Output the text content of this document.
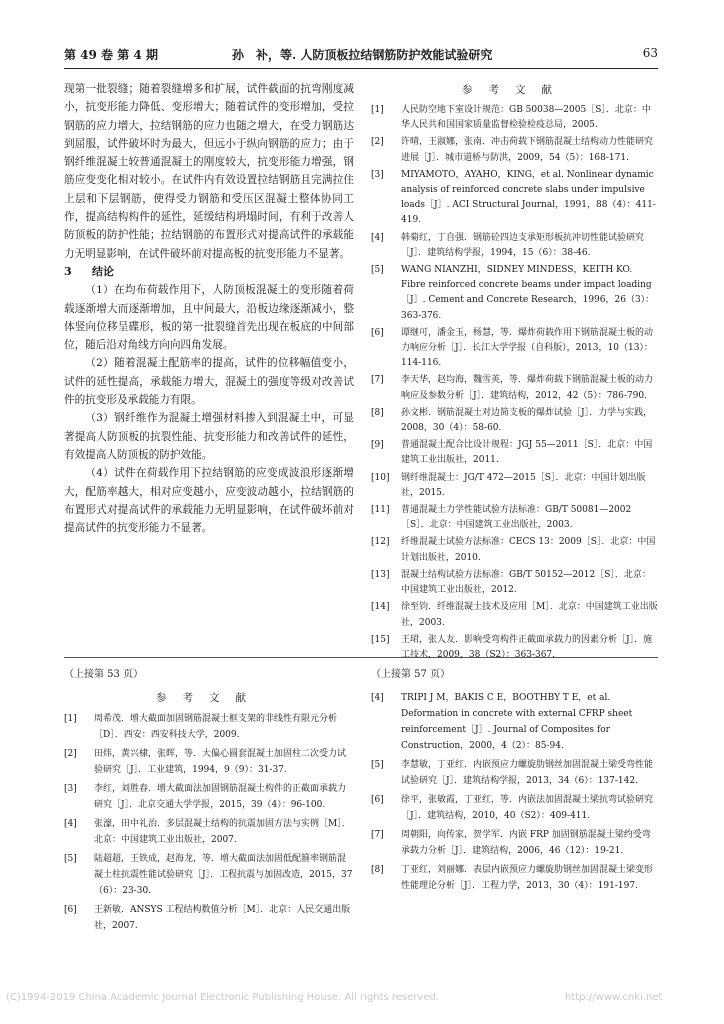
第 49 卷 第 4 期	孙　补，等. 人防顶板拉结钢筋防护效能试验研究	63

现第一批裂缝；随着裂缝增多和扩展，试件截面的抗弯刚度减小，抗变形能力降低、变形增大；随着试件的变形增加，受拉钢筋的应力增大，拉结钢筋的应力也随之增大，在受力钢筋达到屈服，试件破坏时为最大，但远小于纵向钢筋的应力；由于钢纤维混凝土较普通混凝土的刚度较大，抗变形能力增强，钢筋应变变化相对较小。在试件内有效设置拉结钢筋且完满拉住上层和下层钢筋，使得受力钢筋和受压区混凝土整体协同工作，提高结构构件的延性，延缓结构坍塌时间，有利于改善人防顶板的防护性能；拉结钢筋的布置形式对提高试件的承载能力无明显影响，在试件破坏前对提高板的抗变形能力不显著。

3 结论

（1）在均布荷载作用下，人防顶板混凝土的变形随着荷载逐渐增大而逐渐增加，且中间最大，沿板边缘逐渐减小，整体竖向位移呈碟形，板的第一批裂缝首先出现在板底的中间部位，随后沿对角线方向向四角发展。

（2）随着混凝土配筋率的提高，试件的位移幅值变小，试件的延性提高，承载能力增大，混凝土的强度等级对改善试件的抗变形及承载能力有限。

（3）钢纤维作为混凝土增强材料掺入到混凝土中，可显著提高人防顶板的抗裂性能、抗变形能力和改善试件的延性，有效提高人防顶板的防护效能。

（4）试件在荷载作用下拉结钢筋的应变成波浪形逐渐增大，配筋率越大，相对应变越小，应变波动越小，拉结钢筋的布置形式对提高试件的承载能力无明显影响，在试件破坏前对提高试件的抗变形能力不显著。

参考文献
[1]	人民防空地下室设计规范：GB 50038—2005［S］．北京：中华人民共和国国家质量监督检验检疫总局，2005.
[2]	许晴，王淑娜，张南．冲击荷载下钢筋混凝土结构动力性能研究进展［J］．城市道桥与防洪，2009，54（5）：168-171.
[3]	MIYAMOTO，AYAHO，KING，et al. Nonlinear dynamic analysis of reinforced concrete slabs under impulsive loads［J］. ACI Structural Journal，1991，88（4）：411-419.
[4]	韩菊红，丁自强．钢筋砼四边支承矩形板抗冲切性能试验研究［J］．建筑结构学报，1994，15（6）：38-46.
[5]	WANG NIANZHI，SIDNEY MINDESS，KEITH KO. Fibre reinforced concrete beams under impact loading［J］. Cement and Concrete Research，1996，26（3）：363-376.
[6]	谭继可，潘金玉，杨慧，等．爆炸荷载作用下钢筋混凝土板的动力响应分析［J］．长江大学学报（自科版），2013，10（13）：114-116.
[7]	李天华，赵均海，魏雪英，等．爆炸荷载下钢筋混凝土板的动力响应及参数分析［J］．建筑结构，2012，42（5）：786-790.
[8]	孙文彬．钢筋混凝土对边简支板的爆炸试验［J］．力学与实践，2008，30（4）：58-60.
[9]	普通混凝土配合比设计规程：JGJ 55—2011［S］．北京：中国建筑工业出版社，2011.
[10]	钢纤维混凝土：JG/T 472—2015［S］．北京：中国计划出版社，2015.
[11]	普通混凝土力学性能试验方法标准：GB/T 50081—2002［S］．北京：中国建筑工业出版社，2003.
[12]	纤维混凝土试验方法标准：CECS 13：2009［S］．北京：中国计划出版社，2010.
[13]	混凝土结构试验方法标准：GB/T 50152—2012［S］．北京：中国建筑工业出版社，2012.
[14]	徐至钧．纤维混凝土技术及应用［M］．北京：中国建筑工业出版社，2003.
[15]	王珺，张人友．影响受弯构件正截面承载力的因素分析［J］．施工技术，2009，38（S2）：363-367.
（上接第 53 页）
参考文献
[1]	周希茂．增大截面加固钢筋混凝土框支架的非线性有限元分析［D］．西安：西安科技大学，2009.
[2]	田炜，黄兴棣，张晖，等．大偏心圆套混凝土加固柱二次受力试验研究［J］．工业建筑，1994，9（9）：31-37.
[3]	李红，刘胜春．增大截面法加固钢筋混凝土构件的正截面承载力研究［J］．北京交通大学学报，2015，39（4）：96-100.
[4]	张濠，田中礼治．多层混凝土结构的抗震加固方法与实例［M］．北京：中国建筑工业出版社，2007.
[5]	陆超超，王铁成，赵海龙，等．增大截面法加固低配箍率钢筋混凝土柱抗震性能试验研究［J］．工程抗震与加固改造，2015，37（6）：23-30.
[6]	王新敏．ANSYS 工程结构数值分析［M］．北京：人民交通出版社，2007.
（上接第 57 页）
[4]	TRIPI J M，BAKIS C E，BOOTHBY T E，et al. Deformation in concrete with external CFRP sheet reinforcement［J］. Journal of Composites for Construction，2000，4（2）：85-94.
[5]	李慧敏，丁亚红．内嵌预应力螺旋肋钢丝加固混凝土梁受弯性能试验研究［J］．建筑结构学报，2013，34（6）：137-142.
[6]	徐平，张敏霞，丁亚红，等．内嵌法加固混凝土梁抗弯试验研究［J］．建筑结构，2010，40（S2）：409-411.
[7]	周朝阳，向传家，贺学军．内嵌 FRP 加固钢筋混凝土梁约受弯承载力分析［J］．建筑结构，2006，46（12）：19-21.
[8]	丁亚红，刘丽娜．表层内嵌预应力螺旋肋钢丝加固混凝土梁变形性能理论分析［J］．工程力学，2013，30（4）：191-197.
(C)1994-2019 China Academic Journal Electronic Publishing House. All rights reserved.	http://www.cnki.net
